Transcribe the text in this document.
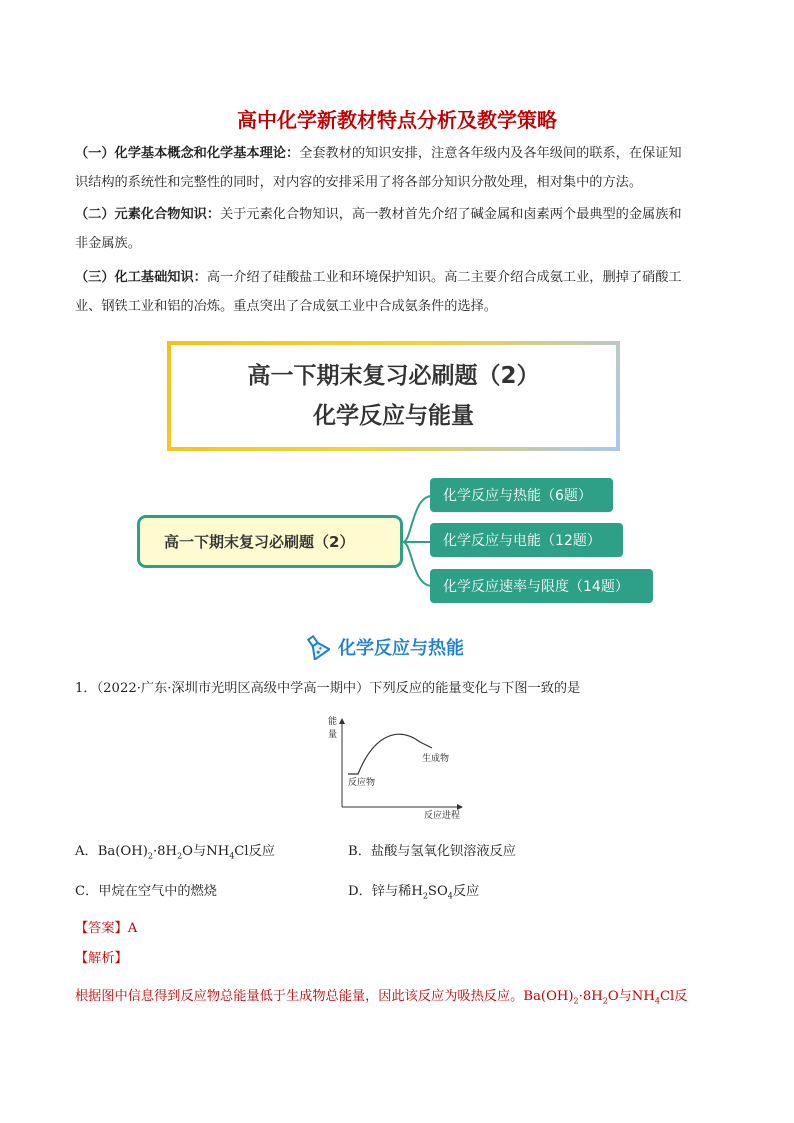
高中化学新教材特点分析及教学策略
（一）化学基本概念和化学基本理论：全套教材的知识安排，注意各年级内及各年级间的联系，在保证知
识结构的系统性和完整性的同时，对内容的安排采用了将各部分知识分散处理，相对集中的方法。
（二）元素化合物知识：关于元素化合物知识，高一教材首先介绍了碱金属和卤素两个最典型的金属族和
非金属族。
（三）化工基础知识：高一介绍了硅酸盐工业和环境保护知识。高二主要介绍合成氨工业，删掉了硝酸工
业、钢铁工业和铝的冶炼。重点突出了合成氨工业中合成氨条件的选择。
高一下期末复习必刷题（2）
化学反应与能量
高一下期末复习必刷题（2）
化学反应与热能（6题）
化学反应与电能（12题）
化学反应速率与限度（14题）
化学反应与热能
1．（2022·广东·深圳市光明区高级中学高一期中）下列反应的能量变化与下图一致的是
能
量
反应物
生成物
反应进程
A．$Ba(OH)_2\cdot 8H_2O$与$NH_4Cl$反应	B．盐酸与氢氧化钡溶液反应
C．甲烷在空气中的燃烧	D．锌与稀$H_2SO_4$反应
【答案】A
【解析】
根据图中信息得到反应物总能量低于生成物总能量，因此该反应为吸热反应。$Ba(OH)_2\cdot 8H_2O$与$NH_4Cl$反
